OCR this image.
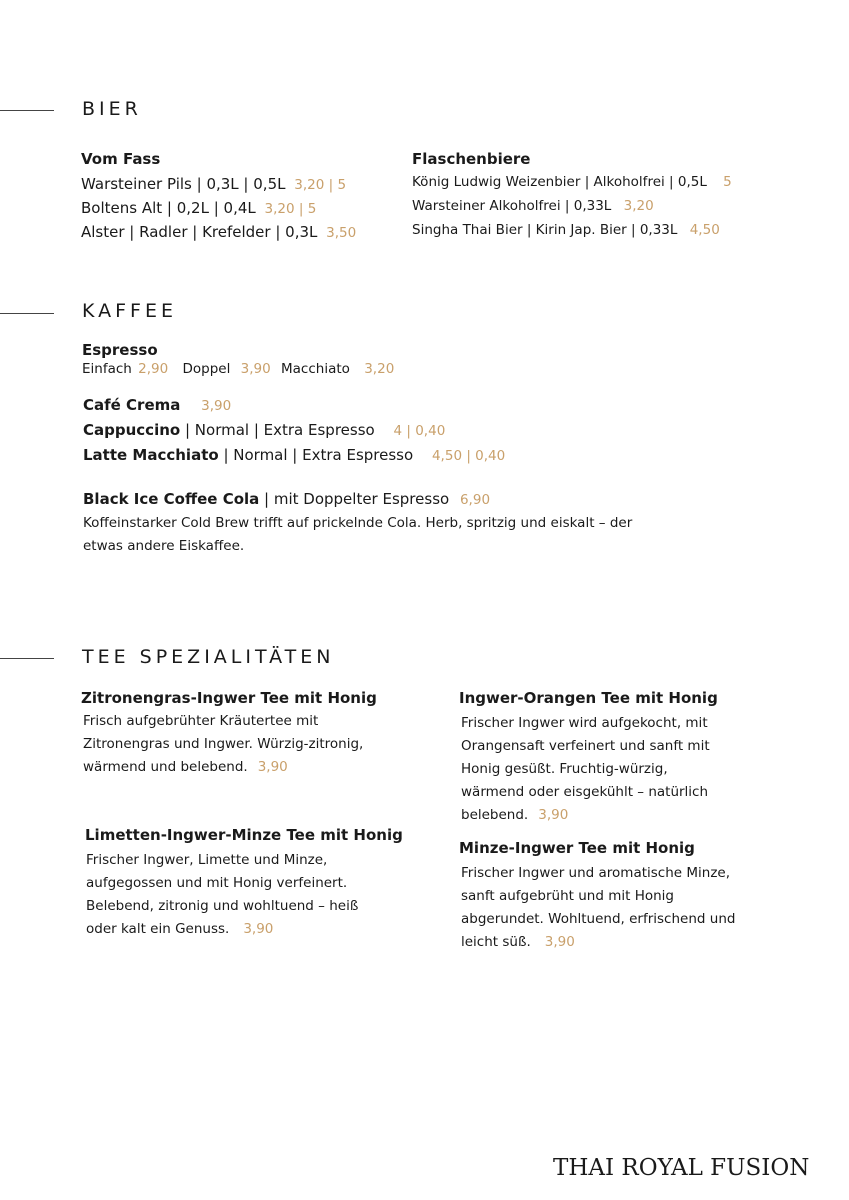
BIER
Vom Fass
Warsteiner Pils | 0,3L | 0,5L 3,20 | 5
Boltens Alt | 0,2L | 0,4L 3,20 | 5
Alster | Radler | Krefelder | 0,3L 3,50
Flaschenbiere
König Ludwig Weizenbier | Alkoholfrei | 0,5L 5
Warsteiner Alkoholfrei | 0,33L 3,20
Singha Thai Bier | Kirin Jap. Bier | 0,33L 4,50
KAFFEE
Espresso
Einfach 2,90 Doppel 3,90 Macchiato 3,20
Café Crema 3,90
Cappuccino | Normal | Extra Espresso 4 | 0,40
Latte Macchiato | Normal | Extra Espresso 4,50 | 0,40
Black Ice Coffee Cola | mit Doppelter Espresso 6,90
Koffeinstarker Cold Brew trifft auf prickelnde Cola. Herb, spritzig und eiskalt – der
etwas andere Eiskaffee.
TEE SPEZIALITÄTEN
Zitronengras-Ingwer Tee mit Honig
Frisch aufgebrühter Kräutertee mit
Zitronengras und Ingwer. Würzig-zitronig,
wärmend und belebend. 3,90
Ingwer-Orangen Tee mit Honig
Frischer Ingwer wird aufgekocht, mit
Orangensaft verfeinert und sanft mit
Honig gesüßt. Fruchtig-würzig,
wärmend oder eisgekühlt – natürlich
belebend. 3,90
Limetten-Ingwer-Minze Tee mit Honig
Frischer Ingwer, Limette und Minze,
aufgegossen und mit Honig verfeinert.
Belebend, zitronig und wohltuend – heiß
oder kalt ein Genuss. 3,90
Minze-Ingwer Tee mit Honig
Frischer Ingwer und aromatische Minze,
sanft aufgebrüht und mit Honig
abgerundet. Wohltuend, erfrischend und
leicht süß. 3,90
THAI ROYAL FUSION
